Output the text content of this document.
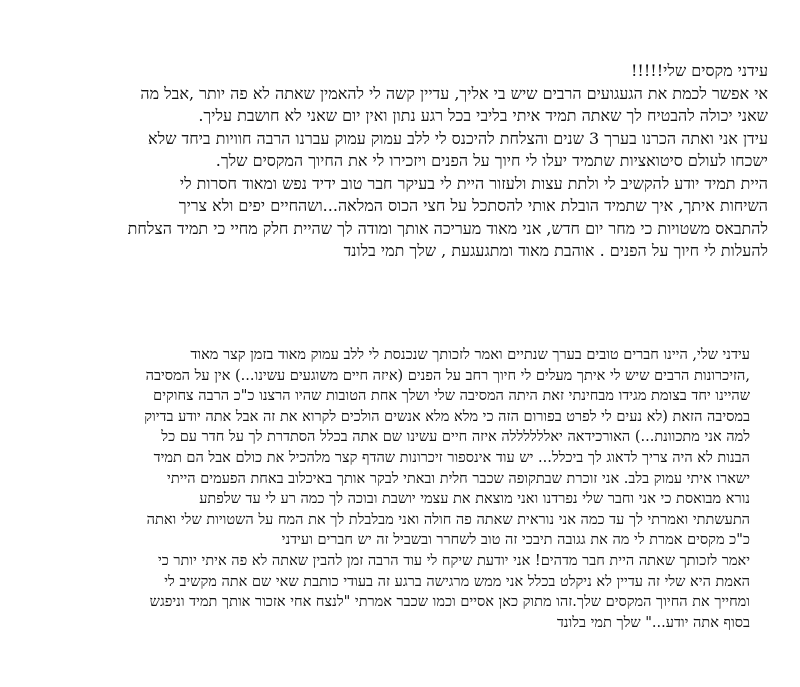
עידני מקסים שלי!!!!!
אי אפשר לכמת את הגעגועים הרבים שיש בי אליך, עדיין קשה לי להאמין שאתה לא פה יותר ,אבל מה
שאני יכולה להבטיח לך שאתה תמיד איתי בליבי בכל רגע נתון ואין יום שאני לא חושבת עליך.
עידן אני ואתה הכרנו בערך 3 שנים והצלחת להיכנס לי ללב עמוק עמוק עברנו הרבה חוויות ביחד שלא
ישכחו לעולם סיטואציות שתמיד יעלו לי חיוך על הפנים ויזכירו לי את החיוך המקסים שלך.
היית תמיד יודע להקשיב לי ולתת עצות ולעזור היית לי בעיקר חבר טוב ידיד נפש ומאוד חסרות לי
השיחות איתך, איך שתמיד הובלת אותי להסתכל על חצי הכוס המלאה...ושהחיים יפים ולא צריך
להתבאס משטויות כי מחר יום חדש, אני מאוד מעריכה אותך ומודה לך שהיית חלק מחיי כי תמיד הצלחת
להעלות לי חיוך על הפנים . אוהבת מאוד ומתגעגעת , שלך תמי בלונד
עידני שלי, היינו חברים טובים בערך שנתיים ואמר לזכותך שנכנסת לי ללב עמוק מאוד בזמן קצר מאוד
,הזיכרונות הרבים שיש לי איתך מעלים לי חיוך רחב על הפנים (איזה חיים משוגעים עשינו...) אין על המסיבה
שהיינו יחד בצומת מגידו מבחינתי זאת היתה המסיבה שלי ושלך אחת הטובות שהיו הרצנו כ"כ הרבה צחוקים
במסיבה הזאת (לא נעים לי לפרט בפורום הזה כי מלא מלא אנשים הולכים לקרוא את זה אבל אתה יודע בדיוק
למה אני מתכוונת...) האורכידאה יאללללללה איזה חיים עשינו שם אתה בכלל הסתדרת לך על חדר עם כל
הבנות לא היה צריך לדאוג לך ביכלל... יש עוד אינספור זיכרונות שהדף קצר מלהכיל את כולם אבל הם תמיד
ישארו איתי עמוק בלב. אני זוכרת שבתקופה שכבר חלית ובאתי לבקר אותך באיכלוב באחת הפעמים הייתי
נורא מבואסת כי אני וחבר שלי נפרדנו ואני מוצאת את עצמי יושבת ובוכה לך כמה רע לי עד שלפתע
התעשתתי ואמרתי לך עד כמה אני נוראית שאתה פה חולה ואני מבלבלת לך את המח על השטויות שלי ואתה
כ"כ מקסים אמרת לי מה את גגובה תיבכי זה טוב לשחרר ובשביל זה יש חברים ועידני
יאמר לזכותך שאתה היית חבר מדהים! אני יודעת שיקח לי עוד הרבה זמן להבין שאתה לא פה איתי יותר כי
האמת היא שלי זה עדיין לא ניקלט בכלל אני ממש מרגישה ברגע זה בעודי כותבת שאי שם אתה מקשיב לי
ומחייך את החיוך המקסים שלך.זהו מתוק כאן אסיים וכמו שכבר אמרתי "לנצח אחי אזכור אותך תמיד וניפגש
בסוף אתה יודע..." שלך תמי בלונד
